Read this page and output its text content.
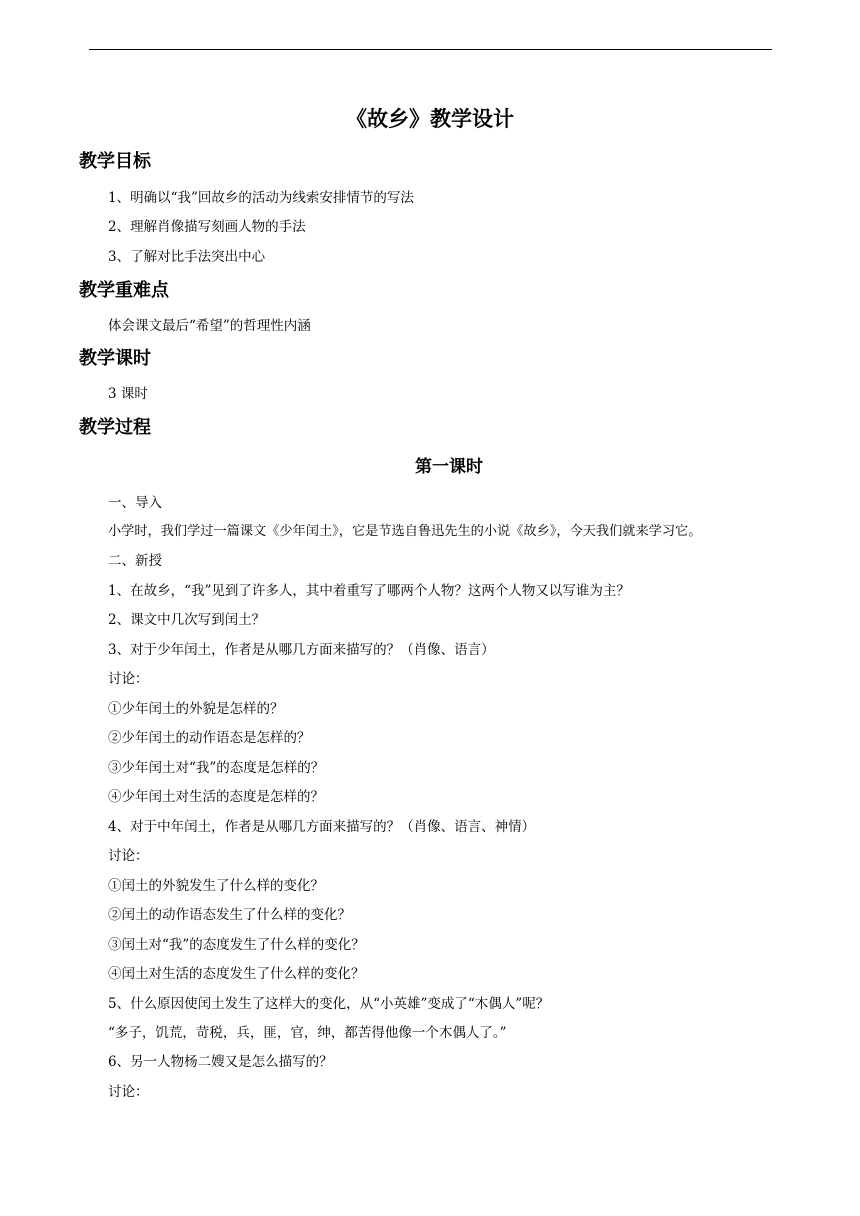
《故乡》教学设计
教学目标
1、明确以“我”回故乡的活动为线索安排情节的写法
2、理解肖像描写刻画人物的手法
3、了解对比手法突出中心
教学重难点
体会课文最后“希望”的哲理性内涵
教学课时
3 课时
教学过程
第一课时
一、导入
小学时，我们学过一篇课文《少年闰土》，它是节选自鲁迅先生的小说《故乡》，今天我们就来学习它。
二、新授
1、在故乡，“我”见到了许多人，其中着重写了哪两个人物？这两个人物又以写谁为主？
2、课文中几次写到闰土？
3、对于少年闰土，作者是从哪几方面来描写的？（肖像、语言）
讨论：
①少年闰土的外貌是怎样的？
②少年闰土的动作语态是怎样的？
③少年闰土对“我”的态度是怎样的？
④少年闰土对生活的态度是怎样的？
4、对于中年闰土，作者是从哪几方面来描写的？（肖像、语言、神情）
讨论：
①闰土的外貌发生了什么样的变化？
②闰土的动作语态发生了什么样的变化？
③闰土对“我”的态度发生了什么样的变化？
④闰土对生活的态度发生了什么样的变化？
5、什么原因使闰土发生了这样大的变化，从“小英雄”变成了“木偶人”呢？
“多子，饥荒，苛税，兵，匪，官，绅，都苦得他像一个木偶人了。”
6、另一人物杨二嫂又是怎么描写的？
讨论：
